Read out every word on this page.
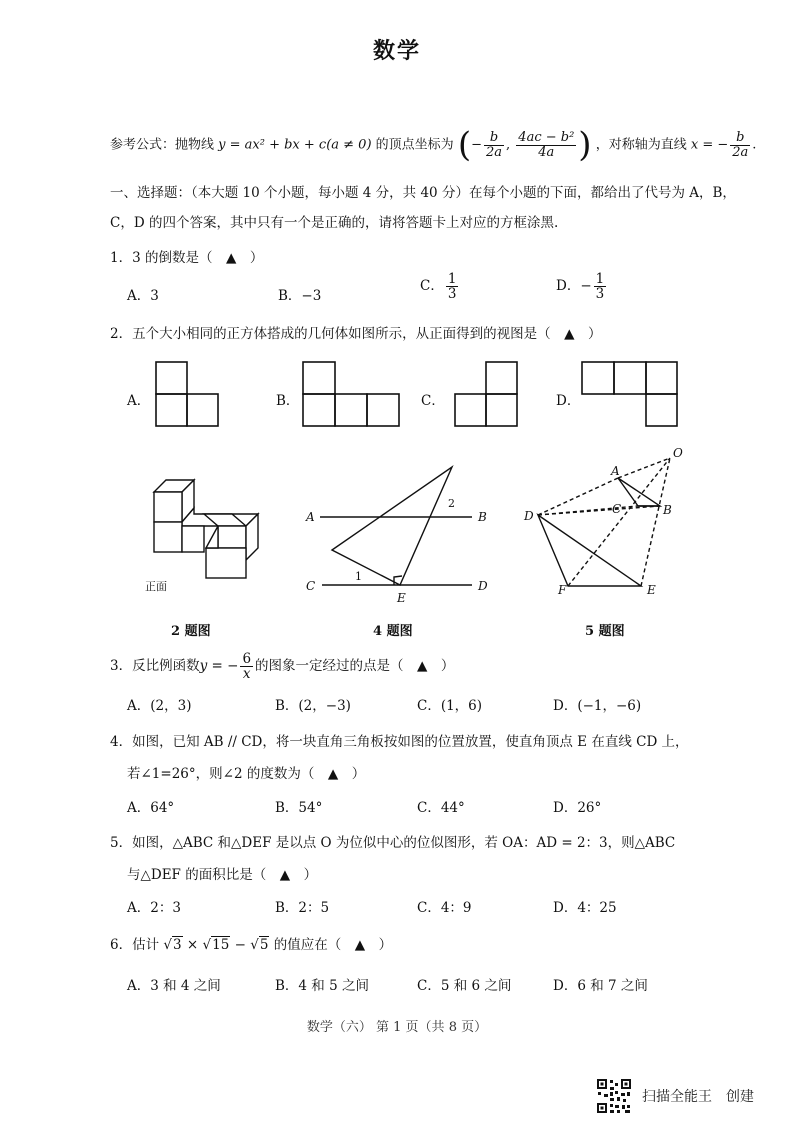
数学
参考公式：抛物线 y = ax² + bx + c(a ≠ 0) 的顶点坐标为 (− $\frac{b}{2a}$ , $\frac{\text{4ac − b²}}{4a}$ ) ，对称轴为直线 x = − $\frac{b}{2a}$ .
一、选择题：（本大题 10 个小题，每小题 4 分，共 40 分）在每个小题的下面，都给出了代号为 A，B，
C，D 的四个答案，其中只有一个是正确的，请将答题卡上对应的方框涂黑.
1．3 的倒数是（　▲　）
A．3	B．−3
C． $\frac{1}{3}$	D．− $\frac{1}{3}$
2．五个大小相同的正方体搭成的几何体如图所示，从正面得到的视图是（　▲　）
A．	B．	C．	D．
正面
A	B
C	D
E
1
2
A
B
C
D
E
F
O
2 题图	4 题图	5 题图
3．反比例函数y = − $\frac{6}{x}$ 的图象一定经过的点是（　▲　）
A．(2，3)	B．(2，−3)	C．(1，6)	D．(−1，−6)
4．如图，已知 AB // CD，将一块直角三角板按如图的位置放置，使直角顶点 E 在直线 CD 上，
若∠1=26°，则∠2 的度数为（　▲　）
A．64°	B．54°	C．44°	D．26°
5．如图，△ABC 和△DEF 是以点 O 为位似中心的位似图形，若 OA：AD = 2：3，则△ABC
与△DEF 的面积比是（　▲　）
A．2：3	B．2：5	C．4：9	D．4：25
6．估计 √3 × √15 − √5 的值应在（　▲　）
A．3 和 4 之间	B．4 和 5 之间	C．5 和 6 之间	D．6 和 7 之间
数学（六） 第 1 页（共 8 页）
扫描全能王　创建
